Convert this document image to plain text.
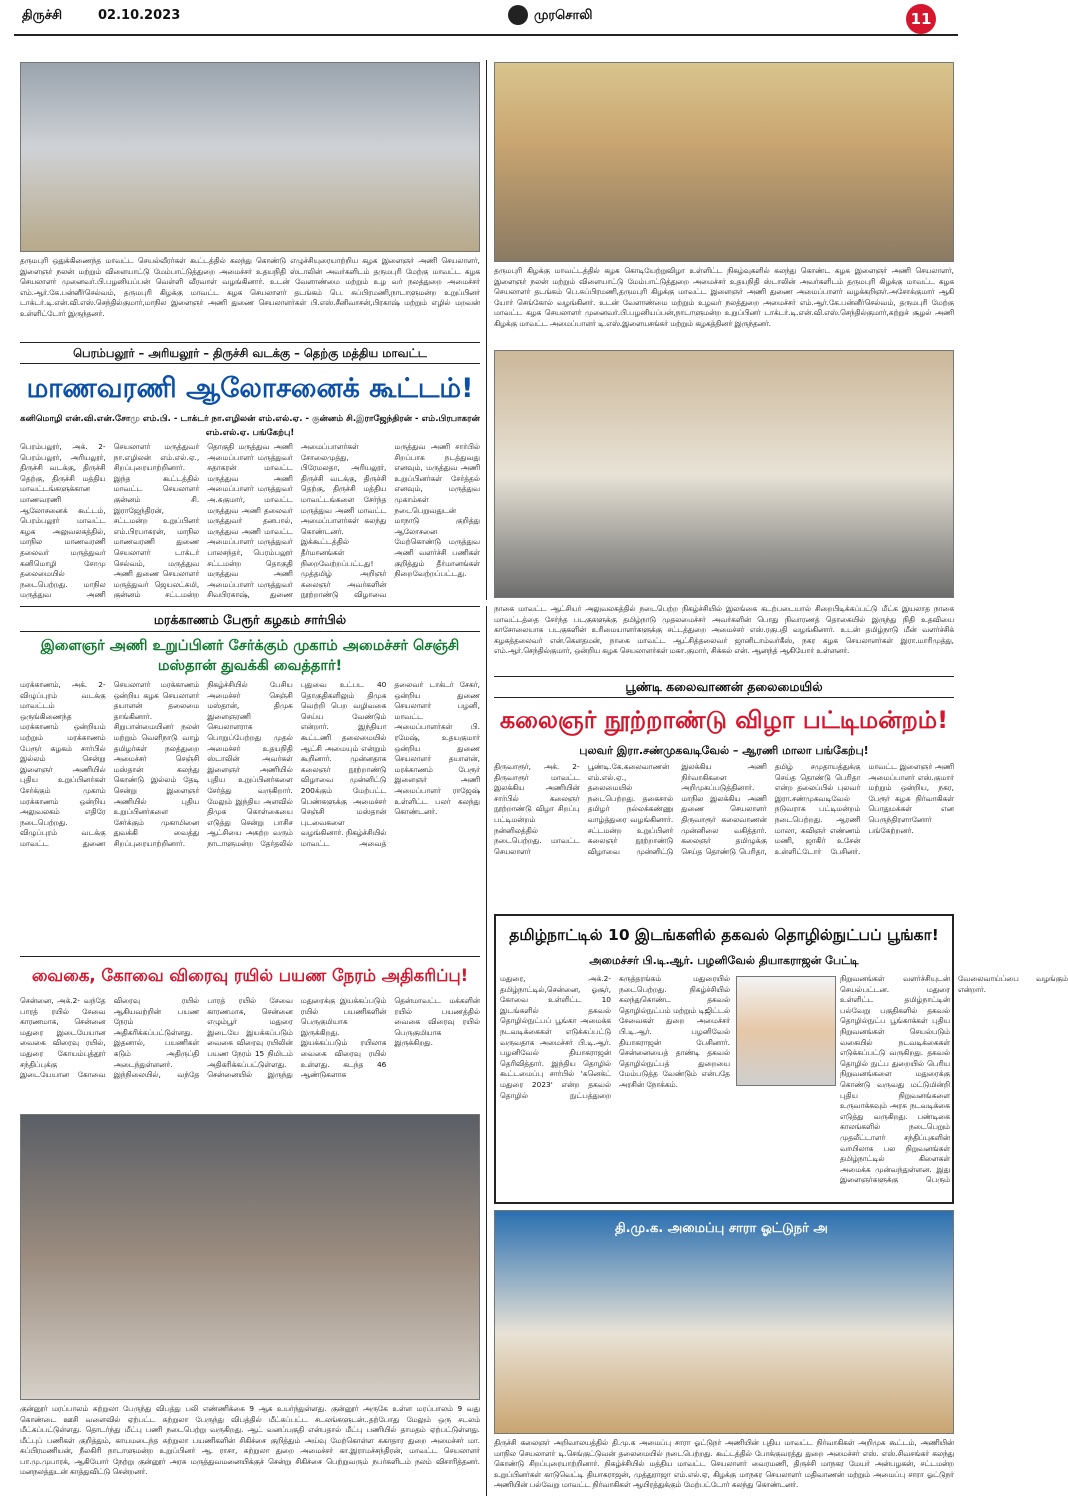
திருச்சி	02.10.2023	முரசொலி	11
தருமபுரி ஒதுக்கிணைந்த மாவட்ட செயல்வீரர்கள் கூட்டத்தில் கலந்து கொண்டு எழுச்சியுரையாற்றிய கழக இளைஞர் அணி செயலாளர், இளைஞர் நலன் மற்றும் விளையாட்டு மேம்பாட்டுத்துறை அமைச்சர் உதயநிதி ஸ்டாலின் அவர்களிடம் தருமபுரி மேற்கு மாவட்ட கழக செயலாளர் முனைவர்.பி.பழனியப்பன் வெள்ளி வீரவாள் வழங்கினார். உடன் வேளாண்மை மற்றும் உழ வர் நலத்துறை அமைச்சர் எம்.ஆர்.கே.பன்னீர்செல்வம், தருமபுரி கிழக்கு மாவட்ட கழக செயலாளர் தடங்கம் பெ. சுப்பிரமணி,நாடாளுமன்ற உறுப்பினர் டாக்டர்.டி.என்.வி.எஸ்.செந்தில்குமார்,மாநில இளைஞர் அணி துணை செயலாளர்கள் பி.எஸ்.சீனிவாசன்,பிரகாஷ் மற்றும் எழில் மறவன் உள்ளிட்டோர் இருந்தனர்.
தருமபுரி கிழக்கு மாவட்டத்தில் கழக கொடியேற்றுவிழா உள்ளிட்ட நிகழ்வுகளில் கலந்து கொண்ட கழக இளைஞர் அணி செயலாளர், இளைஞர் நலன் மற்றும் விளையாட்டு மேம்பாட்டுத்துறை அமைச்சர் உதயநிதி ஸ்டாலின் அவர்களிடம் தருமபுரி கிழக்கு மாவட்ட கழக செயலாளர் தடங்கம் பெ.சுப்பிரமணி,தருமபுரி கிழக்கு மாவட்ட இளைஞர் அணி துணை அமைப்பாளர் வழக்கறிஞர்.அசோக்குமார் ஆகி யோர் செங்கோல் வழங்கினர். உடன் வேளாண்மை மற்றும் உழவர் நலத்துறை அமைச்சர் எம்.ஆர்.கே.பன்னீர்செல்வம், தருமபுரி மேற்கு மாவட்ட கழக செயலாளர் முனைவர்.பி.பழனியப்பன்,நாடாளுமன்ற உறுப்பினர் டாக்டர்.டி.என்.வி.எஸ்.செந்தில்குமார்,சுற்றுச் சூழல் அணி கிழக்கு மாவட்ட அமைப்பாளர் டி.எஸ்.இளையசங்கர் மற்றும் கழகத்தினர் இருந்தனர்.
பெரம்பலூர் – அரியலூர் – திருச்சி வடக்கு – தெற்கு மத்திய மாவட்ட
மாணவரணி ஆலோசனைக் கூட்டம்!
கனிமொழி என்.வி.என்.சோமு எம்.பி. - டாக்டர் நா.எழிலன் எம்.எல்.ஏ. - குன்னம் சி.இராஜேந்திரன் - எம்.பிரபாகரன் எம்.எல்.ஏ. பங்கேற்பு!
பெரம்பலூர், அக். 2- பெரம்பலூர், அரியலூர், திருச்சி வடக்கு, திருச்சி தெற்கு, திருச்சி மத்திய மாவட்டங்களுக்கான மாணவரணி ஆலோசனைக் கூட்டம், பெரம்பலூர் மாவட்ட கழக அலுவலகத்தில், மாநில மாணவரணி தலைவர் மருத்துவர் கனிமொழி சோமு தலைமையில் நடைபெற்றது. மாநில மருத்துவ அணி செயலாளர் மருத்துவர் நா.எழிலன் எம்.எல்.ஏ., சிறப்புரையாற்றினார். இந்த கூட்டத்தில் மாவட்ட செயலாளர் குன்னம் சி. இராஜேந்திரன், சட்டமன்ற உறுப்பினர் எம்.பிரபாகரன், மாநில மாணவரணி துணை செயலாளர் டாக்டர் செல்வம், மருத்துவ அணி துணை செயலாளர் மருத்துவர் ஜெயலட்சுமி, குன்னம் சட்டமன்ற தொகுதி மருத்துவ அணி அமைப்பாளர் மருத்துவர் சுதாகரன் மாவட்ட மருத்துவ அணி அமைப்பாளர் மருத்துவர் அ.சுகுமார், மாவட்ட மருத்துவ அணி தலைவர் மருத்துவர் தனபால், மருத்துவ அணி மாவட்ட அமைப்பாளர் மருத்துவர் பாலசந்தர், பெரம்பலூர் சட்டமன்ற தொகுதி மருத்துவ அணி அமைப்பாளர் மருத்துவர் சிவபிரகாஷ், துணை அமைப்பாளர்கள் சோலைமுத்து, பிரேமலதா, அரியலூர், திருச்சி வடக்கு, திருச்சி தெற்கு, திருச்சி மத்திய மாவட்டங்களை சேர்ந்த மருத்துவ அணி மாவட்ட அமைப்பாளர்கள் கலந்து கொண்டனர். இக்கூட்டத்தில் தீர்மானங்கள் நிறைவேற்றப்பட்டது! முத்தமிழ் அறிஞர் கலைஞர் அவர்களின் நூற்றாண்டு விழாவை மருத்துவ அணி சார்பில் சிறப்பாக நடத்துவது எனவும், மருத்துவ அணி உறுப்பினர்கள் சேர்த்தல் எனவும், மருத்துவ முகாம்கள் நடைபெறுவதுடன் மாநாடு குறித்து ஆலோசனை மேற்கொண்டு மருத்துவ அணி வளர்ச்சி பணிகள் குறித்தும் தீர்மானங்கள் நிறைவேற்றப்பட்டது.
நாகை மாவட்ட ஆட்சியர் அலுவலகத்தில் நடைபெற்ற நிகழ்ச்சியில் இலங்கை கடற்படையால் சிறைபிடிக்கப்பட்டு மீட்க இயலாத நாகை மாவட்டத்தை சேர்ந்த படகுகளுக்கு தமிழ்நாடு முதலமைச்சர் அவர்களின் பொது நிவாரணத் தொகையில் இருந்து நிதி உதவியை காசோலையாக படகுகளின் உரிமையாளர்களுக்கு சட்டத்துறை அமைச்சர் எஸ்.ரகுபதி வழங்கினார். உடன் தமிழ்நாடு மீன் வளர்ச்சிக் கழகத்தலைவர் என்.கௌதமன், நாகை மாவட்ட ஆட்சித்தலைவர் ஜானிடாம்வர்கீஸ், நகர கழக செயலாளர்கள் இரா.மாரிமுத்து, எம்.ஆர்.செந்தில்குமார், ஒன்றிய கழக செயலாளர்கள் மகா.குமார், சிக்கல் என். ஆனந்த் ஆகியோர் உள்ளனர்.
மரக்காணம் பேரூர் கழகம் சார்பில்
இளைஞர் அணி உறுப்பினர் சேர்க்கும் முகாம் அமைச்சர் செஞ்சி மஸ்தான் துவக்கி வைத்தார்!
மரக்காணம், அக். 2- விழுப்புரம் வடக்கு மாவட்டம் ஒருங்கிணைந்த மரக்காணம் ஒன்றியம் மற்றும் மரக்காணம் பேரூர் கழகம் சார்பில் இல்லம் சென்று இளைஞர் அணியில் புதிய உறுப்பினர்கள் சேர்க்கும் முகாம் மரக்காணம் ஒன்றிய அலுவலகம் எதிரே நடைபெற்றது. விழுப்புரம் வடக்கு மாவட்ட துணை செயலாளர் மரக்காணம் ஒன்றிய கழக செயலாளர் தயாளன் தலைமை தாங்கினார். சிறுபான்மையினர் நலன் மற்றும் வெளிநாடு வாழ் தமிழர்கள் நலத்துறை அமைச்சர் செஞ்சி மஸ்தான் கலந்து கொண்டு இல்லம் தேடி சென்று இளைஞர் அணியில் புதிய உறுப்பினர்களை சேர்க்கும் முகாமினை துவக்கி வைத்து சிறப்புரையாற்றினார். நிகழ்ச்சியில் பேசிய அமைச்சர் செஞ்சி மஸ்தான், திமுக இளைஞரணி செயலாளராக பொறுப்பேற்றது முதல் அமைச்சர் உதயநிதி ஸ்டாலின் அவர்கள் இளைஞர் அணியில் புதிய உறுப்பினர்களை சேர்த்து வருகிறார். மேலும் இந்திய அளவில் திமுக கொள்கையை எடுத்து சென்று பாசிச ஆட்சியை அகற்ற வரும் நாடாளுமன்ற தேர்தலில் புதுவை உட்பட 40 தொகுதிகளிலும் திமுக வெற்றி பெற வழிவகை செய்ய வேண்டும் என்றார். இந்தியா கூட்டணி தலைமையில் ஆட்சி அமையும் என்றும் கூறினார். முன்னதாக கலைஞர் நூற்றாண்டு விழாவை முன்னிட்டு 200க்கும் மேற்பட்ட பெண்களுக்கு அமைச்சர் செஞ்சி மஸ்தான் புடவைகளை வழங்கினார். நிகழ்ச்சியில் மாவட்ட அவைத் தலைவர் டாக்டர் சேகர், ஒன்றிய துணை செயலாளர் பழனி, மாவட்ட அமைப்பாளர்கள் பி. ரமேஷ், உதயகுமார் ஒன்றிய துணை செயலாளர் தயாளன், மரக்காணம் பேரூர் இளைஞர் அணி அமைப்பாளர் ராஜேஷ் உள்ளிட்ட பலர் கலந்து கொண்டனர்.
பூண்டி கலைவாணன் தலைமையில்
கலைஞர் நூற்றாண்டு விழா பட்டிமன்றம்!
புலவர் இரா.சண்முகவடிவேல் – ஆரணி மாலா பங்கேற்பு!
திருவாரூர், அக். 2- திருவாரூர் மாவட்ட இலக்கிய அணியின் சார்பில் கலைஞர் நூற்றாண்டு விழா சிறப்பு பட்டிமன்றம் நன்னிலத்தில் நடைபெற்றது. மாவட்ட செயலாளர் பூண்டி.கே.கலைவாணன் எம்.எல்.ஏ., தலைமையில் நடைபெற்றது. தகைசால் தமிழர் நல்லக்கண்ணு வாழ்த்துரை வழங்கினார். சட்டமன்ற உறுப்பினர் கலைஞர் நூற்றாண்டு விழாவை முன்னிட்டு இலக்கிய அணி நிர்வாகிகளை அறிமுகப்படுத்தினார். மாநில இலக்கிய அணி துணை செயலாளர் திருவாரூர் கலைவாணன் முன்னிலை வகித்தார். கலைஞர் தமிழுக்கு செய்த தொண்டு பெரிதா, தமிழ் சமுதாயத்துக்கு செய்த தொண்டு பெரிதா என்ற தலைப்பில் புலவர் இரா.சண்முகவடிவேல் நடுவராக பட்டிமன்றம் நடைபெற்றது. ஆரணி மாலா, கவிஞர் எண்ணம் மணி, ஜாகிர் உசேன் உள்ளிட்டோர் பேசினர். மாவட்ட இளைஞர் அணி அமைப்பாளர் எஸ்.குமார் மற்றும் ஒன்றிய, நகர, பேரூர் கழக நிர்வாகிகள் பொதுமக்கள் என பெருந்திரளானோர் பங்கேற்றனர்.
வைகை, கோவை விரைவு ரயில் பயண நேரம் அதிகரிப்பு!
சென்னை, அக்.2- வந்தே பாரத் ரயில் சேவை காரணமாக, சென்னை மதுரை இடையேயான வைகை விரைவு ரயில், மதுரை கோயம்புத்தூர் சந்திப்புக்கு இடையேயான கோவை விரைவு ரயில் ஆகியவற்றின் பயண நேரம் அதிகரிக்கப்பட்டுள்ளது. இதனால், பயணிகள் கடும் அதிருப்தி அடைந்துள்ளனர். இந்நிலையில், வந்தே பாரத் ரயில் சேவை காரணமாக, சென்னை எழும்பூர் மதுரை இடையே இயக்கப்படும் வைகை விரைவு ரயிலின் பயண நேரம் 15 நிமிடம் அதிகரிக்கப்பட்டுள்ளது. சென்னையில் இருந்து மதுரைக்கு இயக்கப்படும் ரயில் பயணிகளின் பெருகுமியாக இருக்கிறது. இயக்கப்படும் ரயிலாக வைகை விரைவு ரயில் உள்ளது. கடந்த 46 ஆண்டுகளாக தென்மாவட்ட மக்களின் ரயில் பயணத்தில் வைகை விரைவு ரயில் பெருகுமியாக இருக்கிறது.
குன்னூர் மரப்பாலம் சுற்றுலா பேருந்து விபத்து பலி எண்ணிக்கை 9 ஆக உயர்ந்துள்ளது. குன்னூர் அருகே உள்ள மரப்பாலம் 9 வது கொண்டை ஊசி வளைவில் ஏற்பட்ட சுற்றுலா பேருந்து விபத்தில் மீட்கப்பட்ட சடலங்களுடன்..தற்போது மேலும் ஒரு சடலம் மீட்கப்பட்டுள்ளது. தொடர்ந்து மீட்பு பணி நடைபெற்று வருகிறது. ஆட் வனப்பகுதி என்பதால் மீட்பு பணியில் தாமதம் ஏற்பட்டுள்ளது. மீட்புப் பணிகள் குறித்தும், காயமடைந்த சுற்றுலா பயணிகளின் சிகிச்சை குறித்தும் அய்வு மேற்கொள்ள சுகாதார துறை அமைச்சர் மா. சுப்பிரமணியன், நீலகிரி நாடாளுமன்ற உறுப்பினர் ஆ. ராசா, சுற்றுலா துறை அமைச்சர் கா.இராமச்சந்திரன், மாவட்ட செயலாளர் பா.மு.முபாரக், ஆகியோர் நேற்று குன்னூர் அரசு மருத்துவமனையிக்குச் சென்று சிகிச்சை பெற்றுவரும் நபர்களிடம் நலம் விசாரித்தனர். மனநலத்துடன் காத்துவிட்டு சென்றனர்.
தமிழ்நாட்டில் 10 இடங்களில் தகவல் தொழில்நுட்பப் பூங்கா!
அமைச்சர் பி.டி.ஆர். பழனிவேல் தியாகராஜன் பேட்டி
மதுரை, அக்.2- தமிழ்நாட்டில்,சென்னை, ஓசூர், கோவை உள்ளிட்ட 10 இடங்களில் தகவல் தொழில்நுட்பப் பூங்கா அமைக்க நடவடிக்கைகள் எடுக்கப்பட்டு வருவதாக அமைச்சர் பி.டி.ஆர். பழனிவேல் தியாகராஜன் தெரிவித்தார். இந்திய தொழில் கூட்டமைப்பு சார்பில் 'கனெக்ட் மதுரை 2023' என்ற தகவல் தொழில் நுட்பத்துறை கருத்தரங்கம் மதுரையில் நடைபெற்றது. நிகழ்ச்சியில் கலந்துகொண்ட தகவல் தொழில்நுட்பம் மற்றும் டிஜிட்டல் சேவைகள் துறை அமைச்சர் பி.டி.ஆர். பழனிவேல் தியாகராஜன் பேசினார். சென்னையைத் தாண்டி தகவல் தொழில்நுட்பத் துறையை மேம்படுத்த வேண்டும் என்பதே அரசின் நோக்கம்.
நிறுவனங்கள் வளர்ச்சியுடன் செயல்பட்டன. மதுரை உள்ளிட்ட தமிழ்நாட்டின் பல்வேறு பகுதிகளில் தகவல் தொழில்நுட்ப பூங்காக்கள் புதிய நிறுவனங்கள் செயல்படும் வகையில் நடவடிக்கைகள் எடுக்கப்பட்டு வருகிறது. தகவல் தொழில் நுட்ப துறையில் பெரிய நிறுவனங்களை மதுரைக்கு கொண்டு வருவது மட்டுமின்றி புதிய நிறுவனங்களை உருவாக்கவும் அரசு நடவடிக்கை எடுத்து வருகிறது. பண்டிகை காலங்களில் நடைபெறும் முதலீட்டாளர் சந்திப்புகளின் வாயிலாக பல நிறுவனங்கள் தமிழ்நாட்டில் கிளைகள் அமைக்க முன்வந்துள்ளன. இது இளைஞர்களுக்கு பெரும் வேலைவாய்ப்பை வழங்கும் என்றார்.
தி.மு.க. அமைப்பு சாரா ஓட்டுநர் அ
திருச்சி கலைஞர் அறிவாலயத்தில் தி.மு.க அமைப்பு சாரா ஓட்டுநர் அணியின் புதிய மாவட்ட நிர்வாகிகள் அறிமுக கூட்டம், அணியின் மாநில செயலாளர் டி.செங்குட்டுவன் தலைமையில் நடைபெற்றது. கூட்டத்தில் போக்குவரத்து துறை அமைச்சர் எஸ். எஸ்.சிவசங்கர் கலந்து கொண்டு சிறப்புரையாற்றினார். நிகழ்ச்சியில் மத்திய மாவட்ட செயலாளர் வைரமணி, திருச்சி மாநகர மேயர் அன்பழகன், சட்டமன்ற உறுப்பினர்கள் காடுவெட்டி தியாகராஜன், முத்துராஜா எம்.எல்.ஏ, கிழக்கு மாநகர செயலாளர் மதிவாணன் மற்றும் அமைப்பு சாரா ஓட்டுநர் அணியின் பல்வேறு மாவட்ட நிர்வாகிகள் ஆயிரத்துக்கும் மேற்பட்டோர் கலந்து கொண்டனர்.
